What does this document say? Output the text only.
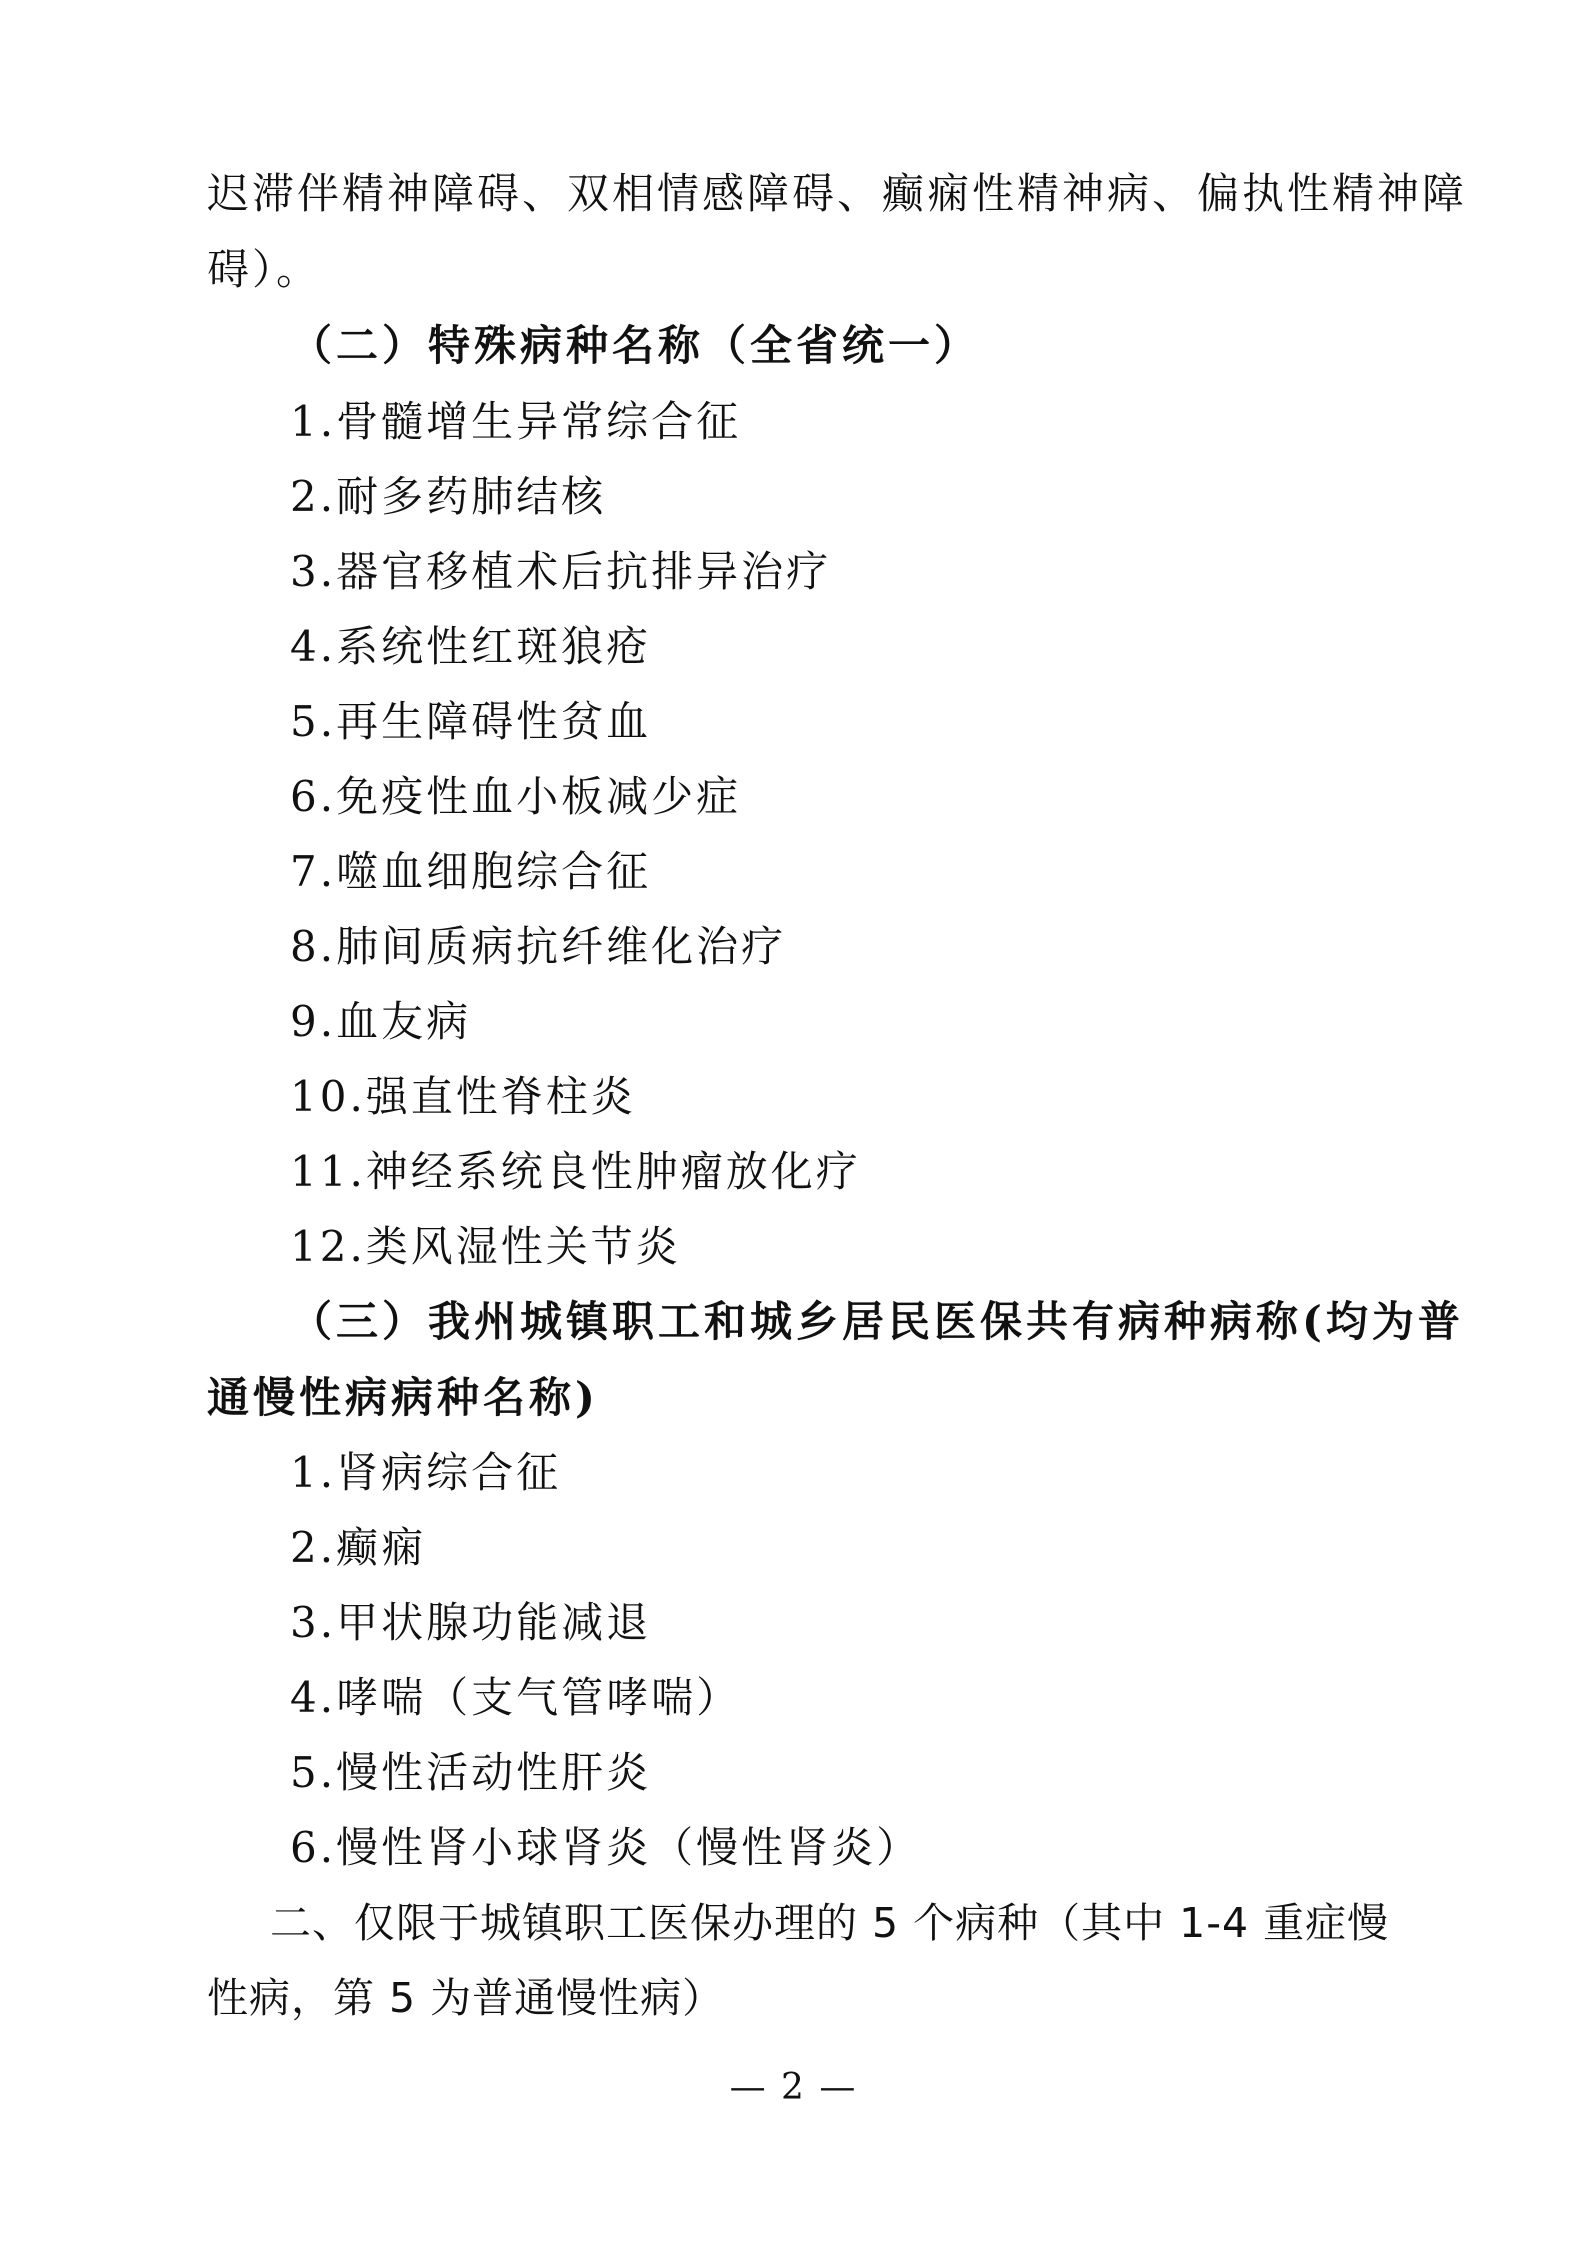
迟滞伴精神障碍、双相情感障碍、癫痫性精神病、偏执性精神障
碍）。
（二）特殊病种名称（全省统一）
1.骨髓增生异常综合征
2.耐多药肺结核
3.器官移植术后抗排异治疗
4.系统性红斑狼疮
5.再生障碍性贫血
6.免疫性血小板减少症
7.噬血细胞综合征
8.肺间质病抗纤维化治疗
9.血友病
10.强直性脊柱炎
11.神经系统良性肿瘤放化疗
12.类风湿性关节炎
（三）我州城镇职工和城乡居民医保共有病种病称(均为普
通慢性病病种名称)
1.肾病综合征
2.癫痫
3.甲状腺功能减退
4.哮喘（支气管哮喘）
5.慢性活动性肝炎
6.慢性肾小球肾炎（慢性肾炎）
二、仅限于城镇职工医保办理的 5 个病种（其中 1-4 重症慢
性病，第 5 为普通慢性病）
— 2 —
